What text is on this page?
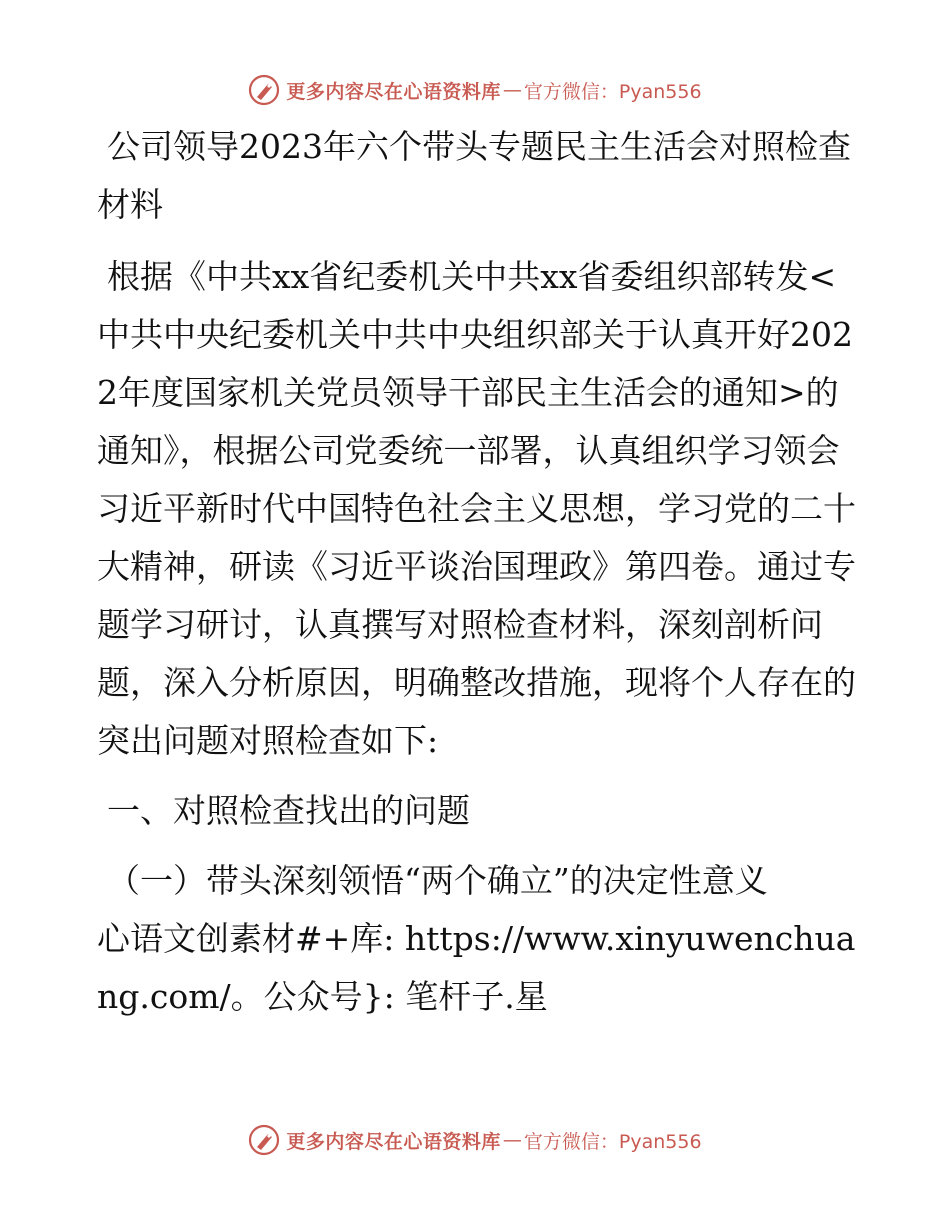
更多内容尽在心语资料库 — 官方微信：Pyan556

公司领导2023年六个带头专题民主生活会对照检查材料

根据《中共xx省纪委机关中共xx省委组织部转发<中共中央纪委机关中共中央组织部关于认真开好2022年度国家机关党员领导干部民主生活会的通知>的通知》，根据公司党委统一部署，认真组织学习领会习近平新时代中国特色社会主义思想，学习党的二十大精神，研读《习近平谈治国理政》第四卷。通过专题学习研讨，认真撰写对照检查材料，深刻剖析问题，深入分析原因，明确整改措施，现将个人存在的突出问题对照检查如下:

一、对照检查找出的问题

（一）带头深刻领悟“两个确立”的决定性意义

心语文创素材#+库: https://www.xinyuwenchuang.com/。公众号}: 笔杆子.星

更多内容尽在心语资料库 — 官方微信：Pyan556
